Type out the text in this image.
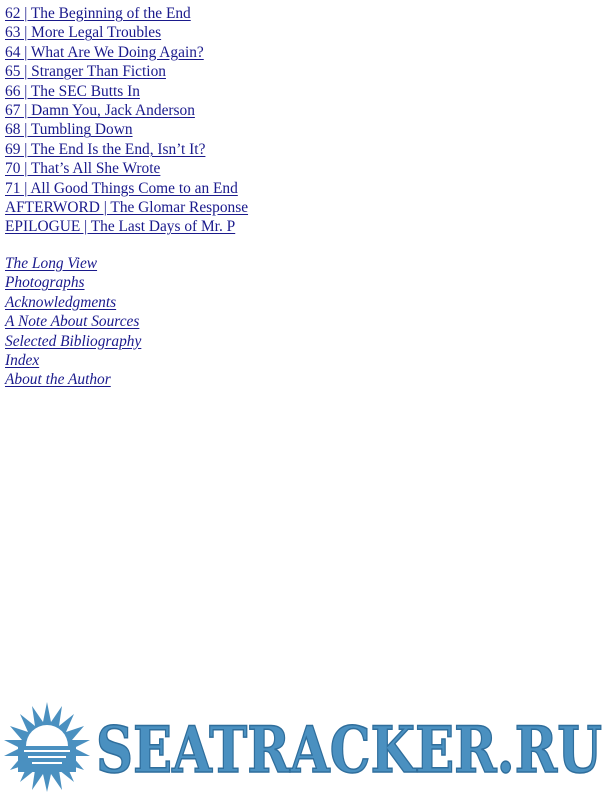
62 | The Beginning of the End
63 | More Legal Troubles
64 | What Are We Doing Again?
65 | Stranger Than Fiction
66 | The SEC Butts In
67 | Damn You, Jack Anderson
68 | Tumbling Down
69 | The End Is the End, Isn’t It?
70 | That’s All She Wrote
71 | All Good Things Come to an End
AFTERWORD | The Glomar Response
EPILOGUE | The Last Days of Mr. P
The Long View
Photographs
Acknowledgments
A Note About Sources
Selected Bibliography
Index
About the Author
SEATRACKER.RU
